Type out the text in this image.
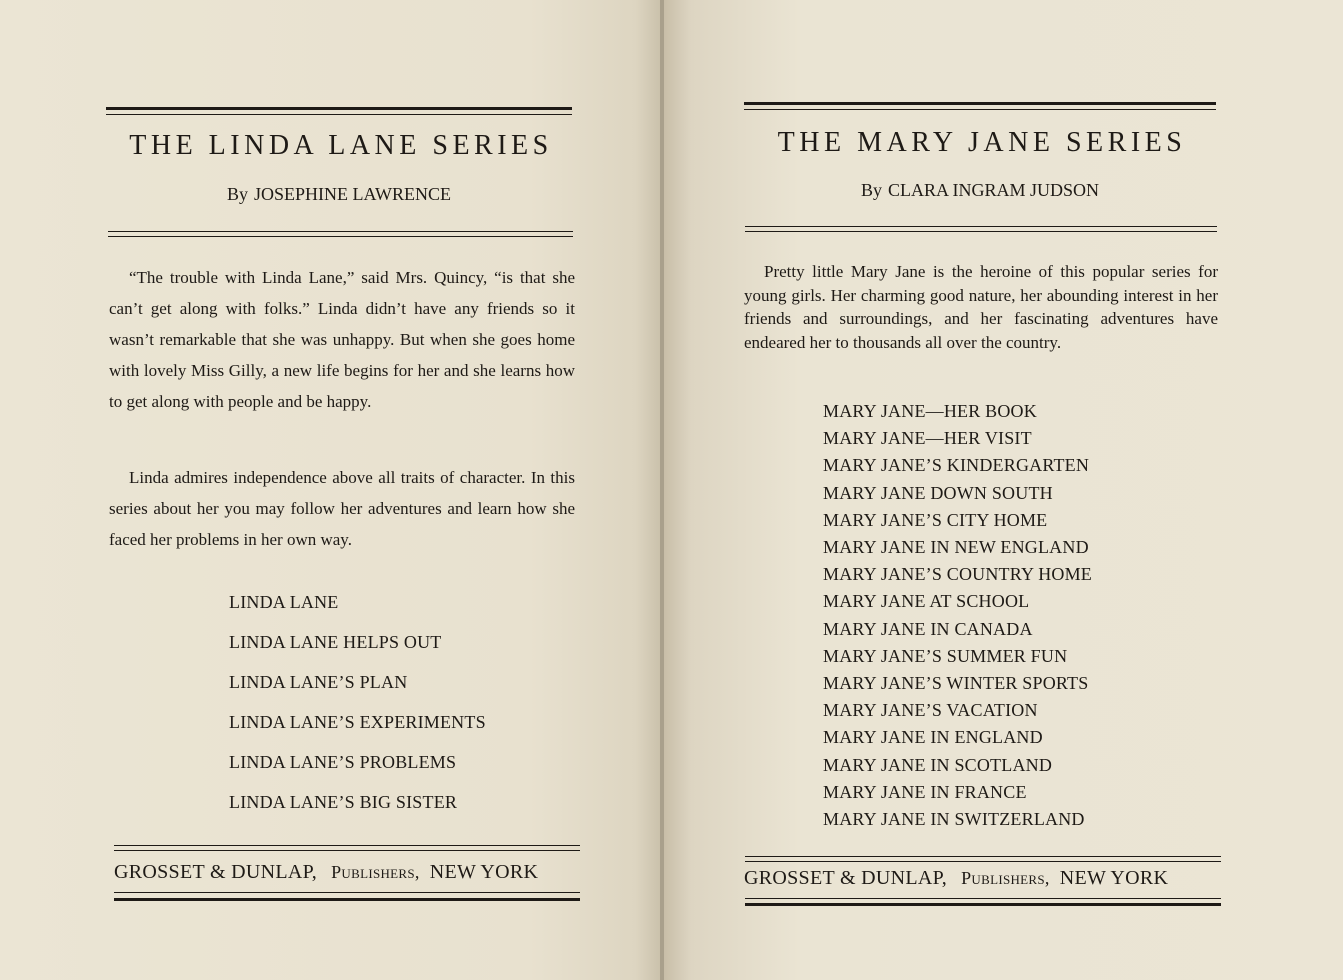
THE LINDA LANE SERIES

By JOSEPHINE LAWRENCE

“The trouble with Linda Lane,” said Mrs. Quincy, “is that she can’t get along with folks.” Linda didn’t have any friends so it wasn’t remarkable that she was unhappy. But when she goes home with lovely Miss Gilly, a new life begins for her and she learns how to get along with people and be happy.

Linda admires independence above all traits of character. In this series about her you may follow her adventures and learn how she faced her problems in her own way.

LINDA LANE
LINDA LANE HELPS OUT
LINDA LANE’S PLAN
LINDA LANE’S EXPERIMENTS
LINDA LANE’S PROBLEMS
LINDA LANE’S BIG SISTER

GROSSET & DUNLAP, Publishers, NEW YORK

THE MARY JANE SERIES

By CLARA INGRAM JUDSON

Pretty little Mary Jane is the heroine of this popular series for young girls. Her charming good nature, her abounding interest in her friends and surroundings, and her fascinating adventures have endeared her to thousands all over the country.

MARY JANE—HER BOOK
MARY JANE—HER VISIT
MARY JANE’S KINDERGARTEN
MARY JANE DOWN SOUTH
MARY JANE’S CITY HOME
MARY JANE IN NEW ENGLAND
MARY JANE’S COUNTRY HOME
MARY JANE AT SCHOOL
MARY JANE IN CANADA
MARY JANE’S SUMMER FUN
MARY JANE’S WINTER SPORTS
MARY JANE’S VACATION
MARY JANE IN ENGLAND
MARY JANE IN SCOTLAND
MARY JANE IN FRANCE
MARY JANE IN SWITZERLAND

GROSSET & DUNLAP, Publishers, NEW YORK
